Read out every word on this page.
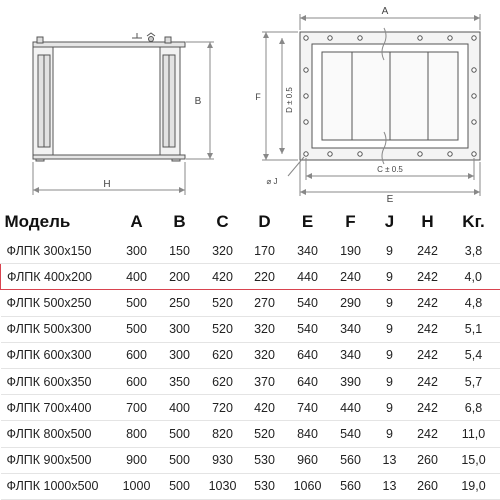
B
H
A
F	D ± 0.5
C ± 0.5
E
⌀ J
Модель	A	B	C	D	E	F	J	H	Kг.
ФЛПК 300x150	300	150	320	170	340	190	9	242	3,8
ФЛПК 400x200	400	200	420	220	440	240	9	242	4,0
ФЛПК 500x250	500	250	520	270	540	290	9	242	4,8
ФЛПК 500x300	500	300	520	320	540	340	9	242	5,1
ФЛПК 600x300	600	300	620	320	640	340	9	242	5,4
ФЛПК 600x350	600	350	620	370	640	390	9	242	5,7
ФЛПК 700x400	700	400	720	420	740	440	9	242	6,8
ФЛПК 800x500	800	500	820	520	840	540	9	242	11,0
ФЛПК 900x500	900	500	930	530	960	560	13	260	15,0
ФЛПК 1000x500	1000	500	1030	530	1060	560	13	260	19,0
